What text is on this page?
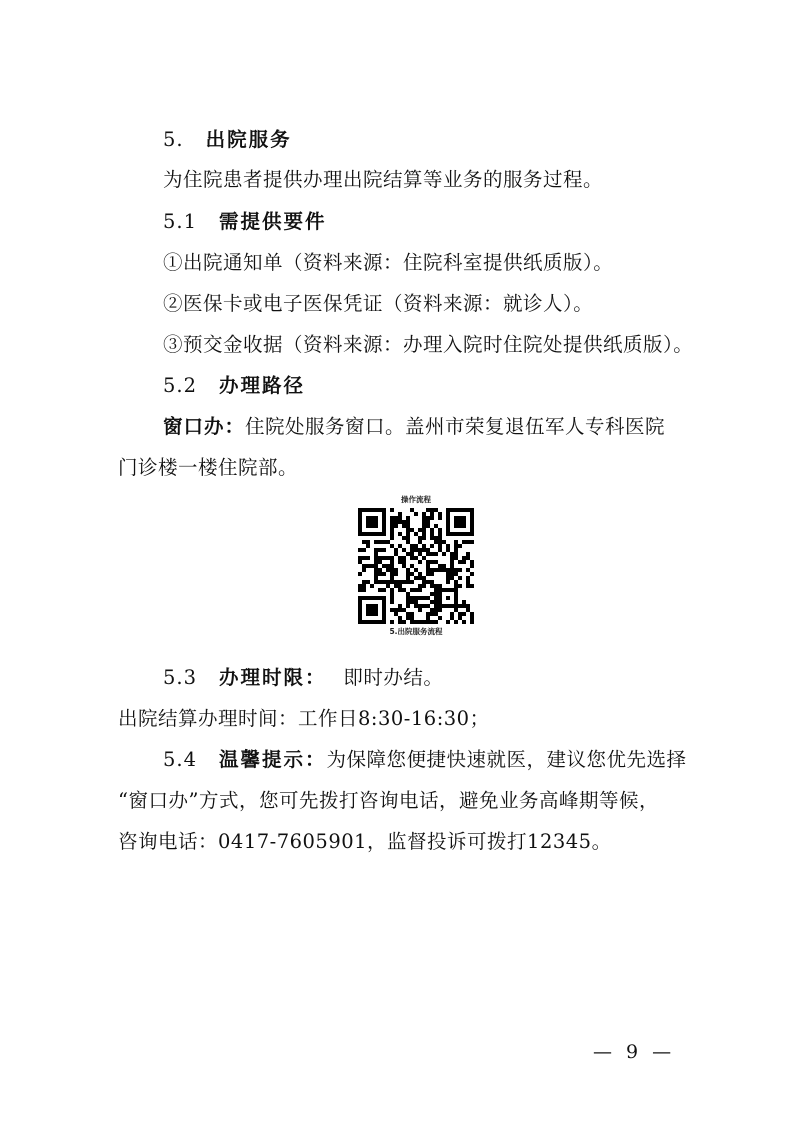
5. 出院服务
为住院患者提供办理出院结算等业务的服务过程。
5.1 需提供要件
①出院通知单（资料来源：住院科室提供纸质版）。
②医保卡或电子医保凭证（资料来源：就诊人）。
③预交金收据（资料来源：办理入院时住院处提供纸质版）。
5.2 办理路径
窗口办：住院处服务窗口。盖州市荣复退伍军人专科医院
门诊楼一楼住院部。
操作流程
5.出院服务流程
5.3 办理时限： 即时办结。
出院结算办理时间：工作日8:30-16:30；
5.4 温馨提示：为保障您便捷快速就医，建议您优先选择
“窗口办”方式，您可先拨打咨询电话，避免业务高峰期等候，
咨询电话：0417-7605901，监督投诉可拨打12345。
— 9 —
